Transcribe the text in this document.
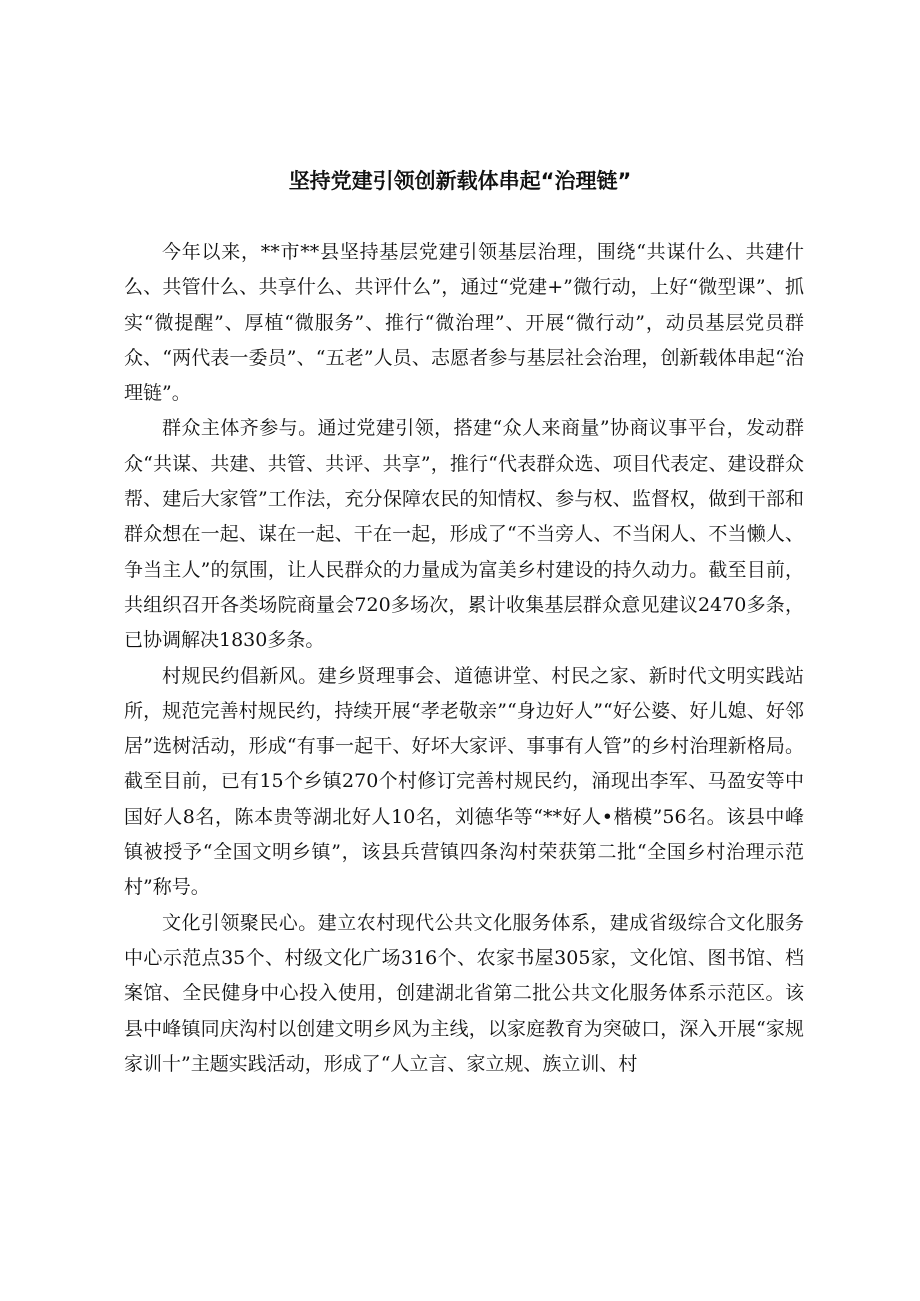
坚持党建引领创新载体串起“治理链”

今年以来，**市**县坚持基层党建引领基层治理，围绕“共谋什么、共建什么、共管什么、共享什么、共评什么”，通过“党建+”微行动，上好“微型课”、抓实“微提醒”、厚植“微服务”、推行“微治理”、开展“微行动”，动员基层党员群众、“两代表一委员”、“五老”人员、志愿者参与基层社会治理，创新载体串起“治理链”。

群众主体齐参与。通过党建引领，搭建“众人来商量”协商议事平台，发动群众“共谋、共建、共管、共评、共享”，推行“代表群众选、项目代表定、建设群众帮、建后大家管”工作法，充分保障农民的知情权、参与权、监督权，做到干部和群众想在一起、谋在一起、干在一起，形成了“不当旁人、不当闲人、不当懒人、争当主人”的氛围，让人民群众的力量成为富美乡村建设的持久动力。截至目前，共组织召开各类场院商量会720多场次，累计收集基层群众意见建议2470多条，已协调解决1830多条。

村规民约倡新风。建乡贤理事会、道德讲堂、村民之家、新时代文明实践站所，规范完善村规民约，持续开展“孝老敬亲”“身边好人”“好公婆、好儿媳、好邻居”选树活动，形成“有事一起干、好坏大家评、事事有人管”的乡村治理新格局。截至目前，已有15个乡镇270个村修订完善村规民约，涌现出李军、马盈安等中国好人8名，陈本贵等湖北好人10名，刘德华等“**好人•楷模”56名。该县中峰镇被授予“全国文明乡镇”，该县兵营镇四条沟村荣获第二批“全国乡村治理示范村”称号。

文化引领聚民心。建立农村现代公共文化服务体系，建成省级综合文化服务中心示范点35个、村级文化广场316个、农家书屋305家，文化馆、图书馆、档案馆、全民健身中心投入使用，创建湖北省第二批公共文化服务体系示范区。该县中峰镇同庆沟村以创建文明乡风为主线，以家庭教育为突破口，深入开展“家规家训十”主题实践活动，形成了“人立言、家立规、族立训、村
